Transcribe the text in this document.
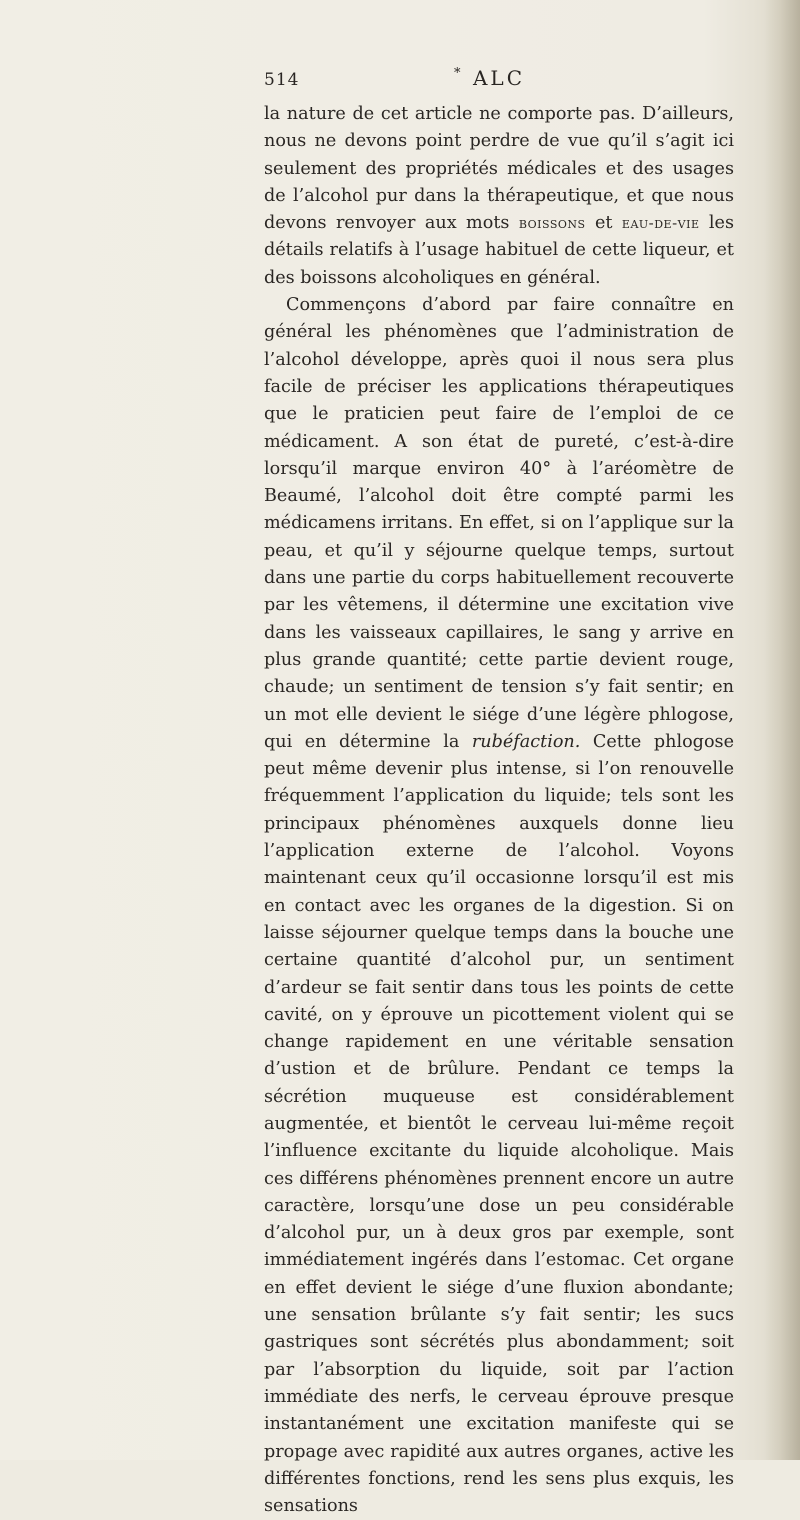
514	* ALC

la nature de cet article ne comporte pas. D’ailleurs, nous ne devons point perdre de vue qu’il s’agit ici seulement des propriétés médicales et des usages de l’alcohol pur dans la thérapeutique, et que nous devons renvoyer aux mots boissons et eau-de-vie les détails relatifs à l’usage habituel de cette liqueur, et des boissons alcoholiques en général.

Commençons d’abord par faire connaître en général les phénomènes que l’administration de l’alcohol développe, après quoi il nous sera plus facile de préciser les applications thérapeutiques que le praticien peut faire de l’emploi de ce médicament. A son état de pureté, c’est-à-dire lorsqu’il marque environ 40° à l’aréomètre de Beaumé, l’alcohol doit être compté parmi les médicamens irritans. En effet, si on l’applique sur la peau, et qu’il y séjourne quelque temps, surtout dans une partie du corps habituellement recouverte par les vêtemens, il détermine une excitation vive dans les vaisseaux capillaires, le sang y arrive en plus grande quantité; cette partie devient rouge, chaude; un sentiment de tension s’y fait sentir; en un mot elle devient le siége d’une légère phlogose, qui en détermine la rubéfaction. Cette phlogose peut même devenir plus intense, si l’on renouvelle fréquemment l’application du liquide; tels sont les principaux phénomènes auxquels donne lieu l’application externe de l’alcohol. Voyons maintenant ceux qu’il occasionne lorsqu’il est mis en contact avec les organes de la digestion. Si on laisse séjourner quelque temps dans la bouche une certaine quantité d’alcohol pur, un sentiment d’ardeur se fait sentir dans tous les points de cette cavité, on y éprouve un picottement violent qui se change rapidement en une véritable sensation d’ustion et de brûlure. Pendant ce temps la sécrétion muqueuse est considérablement augmentée, et bientôt le cerveau lui-même reçoit l’influence excitante du liquide alcoholique. Mais ces différens phénomènes prennent encore un autre caractère, lorsqu’une dose un peu considérable d’alcohol pur, un à deux gros par exemple, sont immédiatement ingérés dans l’estomac. Cet organe en effet devient le siége d’une fluxion abondante; une sensation brûlante s’y fait sentir; les sucs gastriques sont sécrétés plus abondamment; soit par l’absorption du liquide, soit par l’action immédiate des nerfs, le cerveau éprouve presque instantanément une excitation manifeste qui se propage avec rapidité aux autres organes, active les différentes fonctions, rend les sens plus exquis, les sensations
